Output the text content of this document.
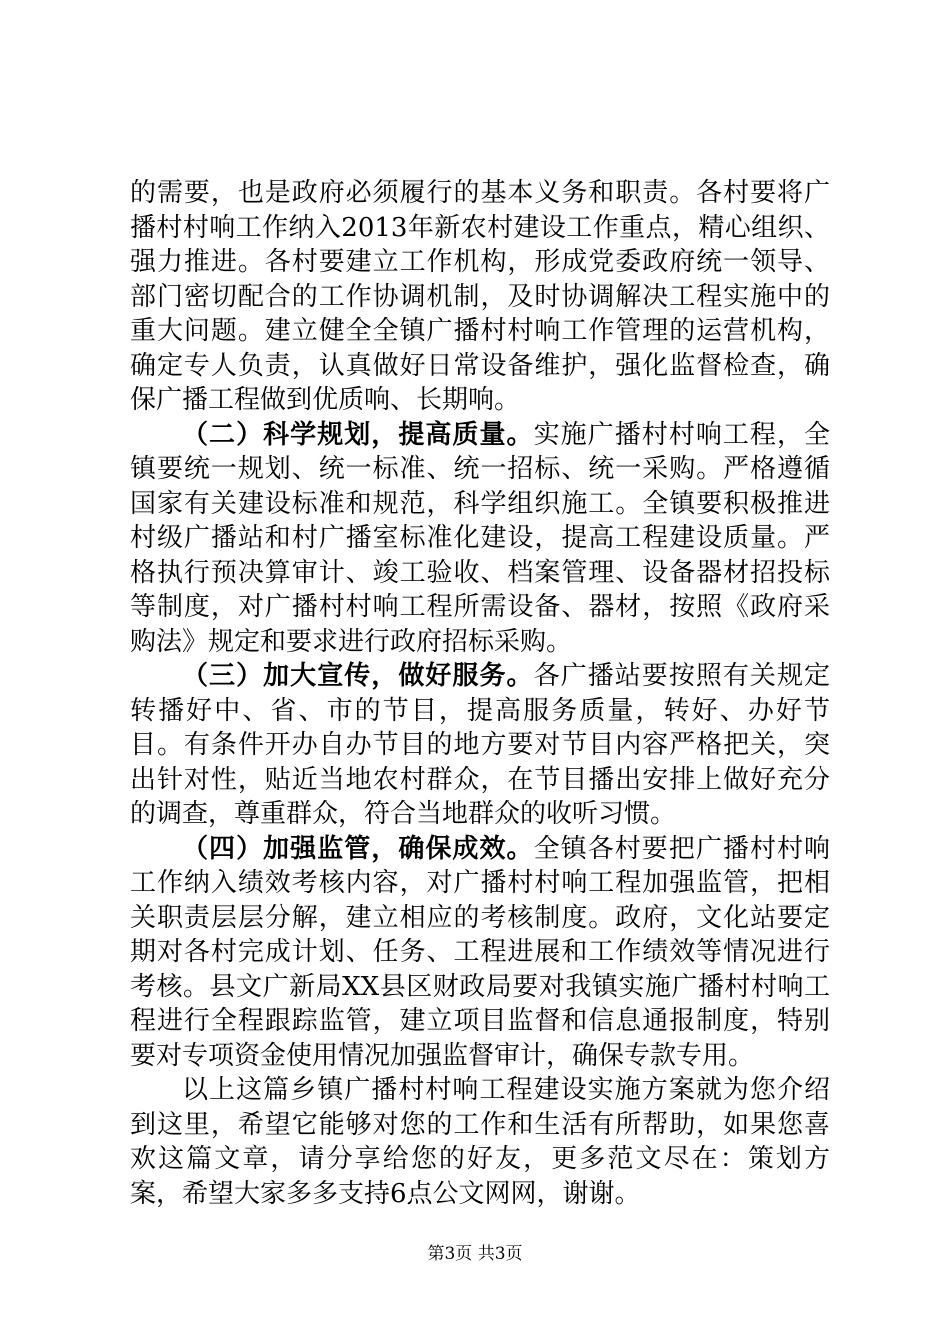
的需要，也是政府必须履行的基本义务和职责。各村要将广播村村响工作纳入2013年新农村建设工作重点，精心组织、强力推进。各村要建立工作机构，形成党委政府统一领导、部门密切配合的工作协调机制，及时协调解决工程实施中的重大问题。建立健全全镇广播村村响工作管理的运营机构，确定专人负责，认真做好日常设备维护，强化监督检查，确保广播工程做到优质响、长期响。

（二）科学规划，提高质量。实施广播村村响工程，全镇要统一规划、统一标准、统一招标、统一采购。严格遵循国家有关建设标准和规范，科学组织施工。全镇要积极推进村级广播站和村广播室标准化建设，提高工程建设质量。严格执行预决算审计、竣工验收、档案管理、设备器材招投标等制度，对广播村村响工程所需设备、器材，按照《政府采购法》规定和要求进行政府招标采购。

（三）加大宣传，做好服务。各广播站要按照有关规定转播好中、省、市的节目，提高服务质量，转好、办好节目。有条件开办自办节目的地方要对节目内容严格把关，突出针对性，贴近当地农村群众，在节目播出安排上做好充分的调查，尊重群众，符合当地群众的收听习惯。

（四）加强监管，确保成效。全镇各村要把广播村村响工作纳入绩效考核内容，对广播村村响工程加强监管，把相关职责层层分解，建立相应的考核制度。政府，文化站要定期对各村完成计划、任务、工程进展和工作绩效等情况进行考核。县文广新局XX县区财政局要对我镇实施广播村村响工程进行全程跟踪监管，建立项目监督和信息通报制度，特别要对专项资金使用情况加强监督审计，确保专款专用。

以上这篇乡镇广播村村响工程建设实施方案就为您介绍到这里，希望它能够对您的工作和生活有所帮助，如果您喜欢这篇文章，请分享给您的好友，更多范文尽在：策划方案，希望大家多多支持6点公文网网，谢谢。

第3页 共3页
